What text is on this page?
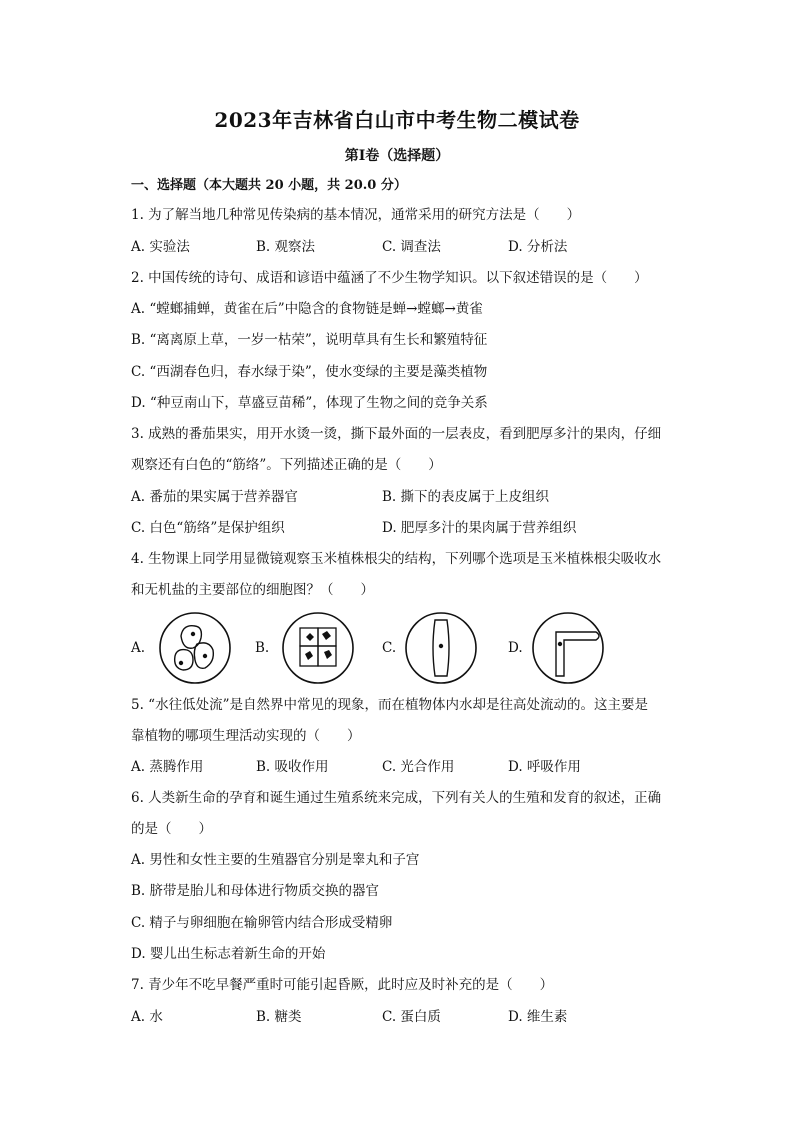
2023年吉林省白山市中考生物二模试卷
第I卷（选择题）
一、选择题（本大题共 20 小题，共 20.0 分）
1. 为了解当地几种常见传染病的基本情况，通常采用的研究方法是（　　）
A. 实验法	B. 观察法	C. 调查法	D. 分析法
2. 中国传统的诗句、成语和谚语中蕴涵了不少生物学知识。以下叙述错误的是（　　）
A. “螳螂捕蝉，黄雀在后”中隐含的食物链是蝉→螳螂→黄雀
B. “离离原上草，一岁一枯荣”，说明草具有生长和繁殖特征
C. “西湖春色归，春水绿于染”，使水变绿的主要是藻类植物
D. “种豆南山下，草盛豆苗稀”，体现了生物之间的竞争关系
3. 成熟的番茄果实，用开水烫一烫，撕下最外面的一层表皮，看到肥厚多汁的果肉，仔细
观察还有白色的“筋络”。下列描述正确的是（　　）
A. 番茄的果实属于营养器官	B. 撕下的表皮属于上皮组织
C. 白色“筋络”是保护组织	D. 肥厚多汁的果肉属于营养组织
4. 生物课上同学用显微镜观察玉米植株根尖的结构，下列哪个选项是玉米植株根尖吸收水
和无机盐的主要部位的细胞图？（　　）
A.	B.	C.	D.
5. “水往低处流”是自然界中常见的现象，而在植物体内水却是往高处流动的。这主要是
靠植物的哪项生理活动实现的（　　）
A. 蒸腾作用	B. 吸收作用	C. 光合作用	D. 呼吸作用
6. 人类新生命的孕育和诞生通过生殖系统来完成，下列有关人的生殖和发育的叙述，正确
的是（　　）
A. 男性和女性主要的生殖器官分别是睾丸和子宫
B. 脐带是胎儿和母体进行物质交换的器官
C. 精子与卵细胞在输卵管内结合形成受精卵
D. 婴儿出生标志着新生命的开始
7. 青少年不吃早餐严重时可能引起昏厥，此时应及时补充的是（　　）
A. 水	B. 糖类	C. 蛋白质	D. 维生素
